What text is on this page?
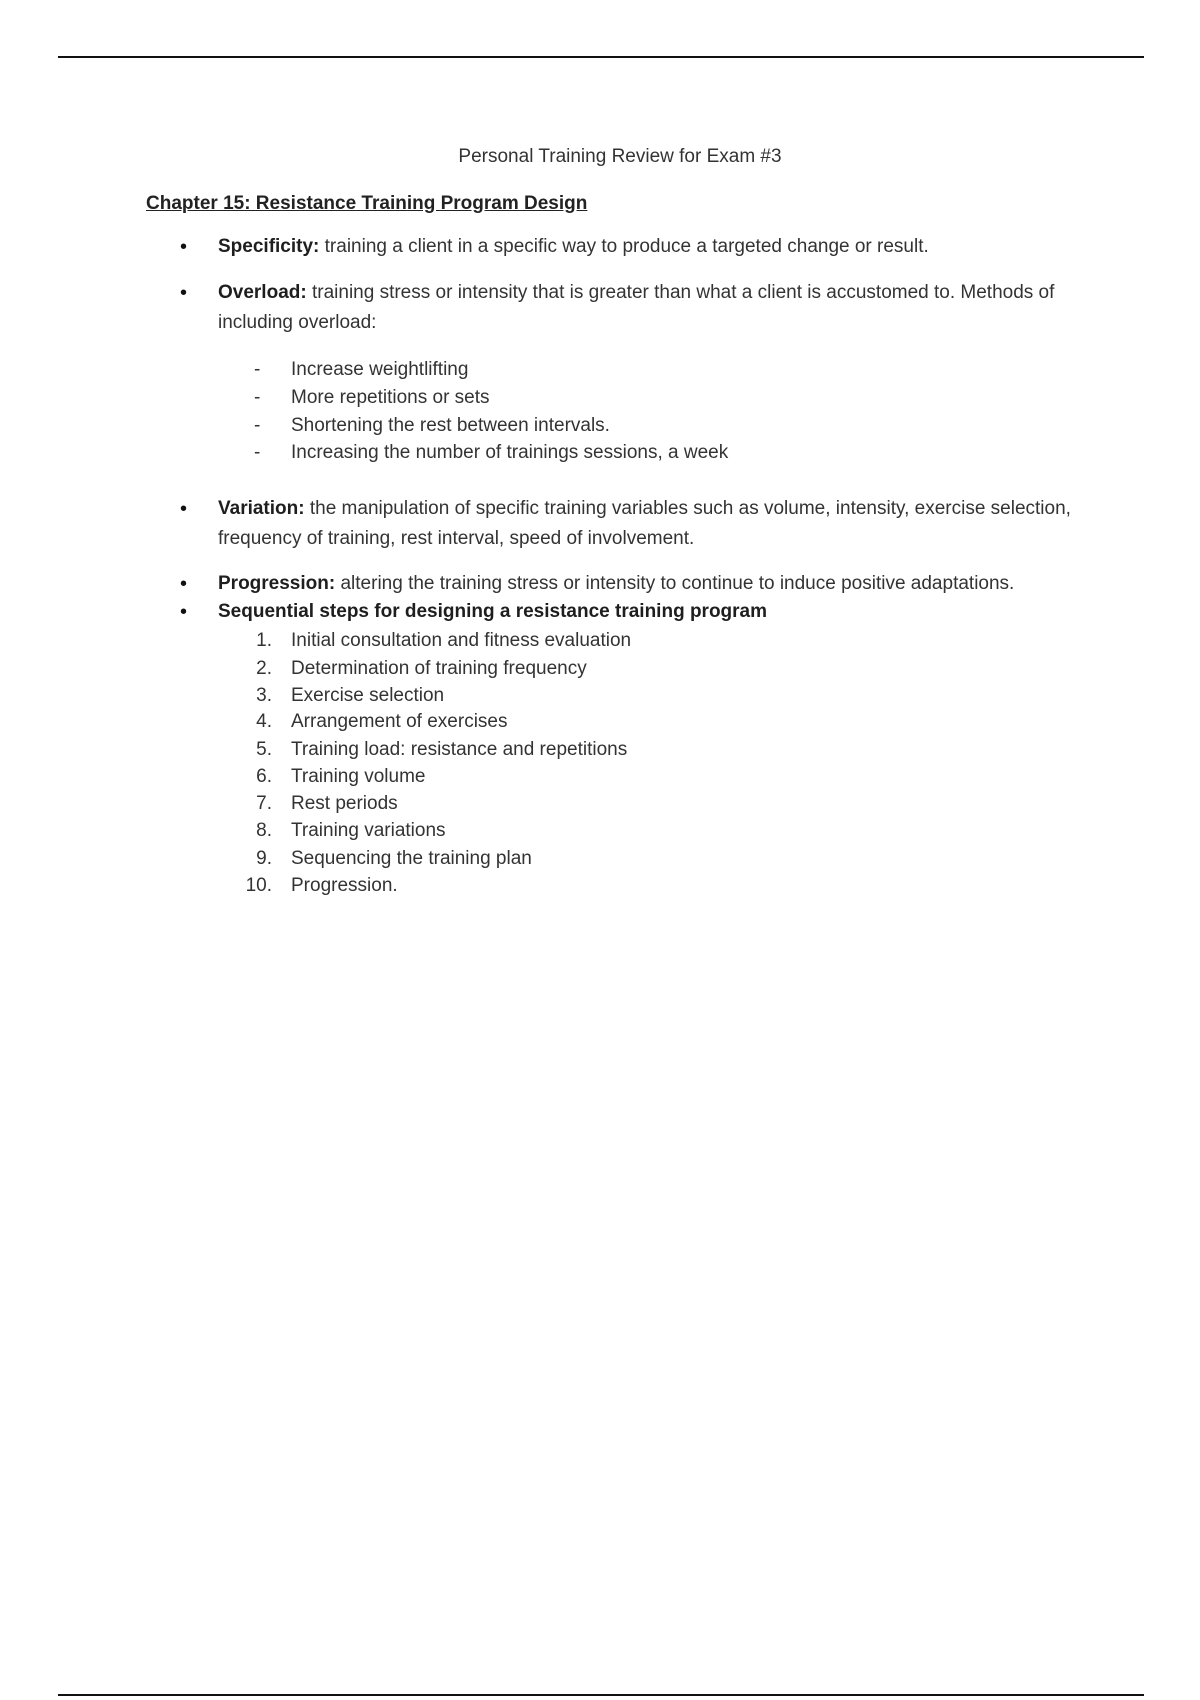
Personal Training Review for Exam #3
Chapter 15: Resistance Training Program Design
• Specificity: training a client in a specific way to produce a targeted change or result.
• Overload: training stress or intensity that is greater than what a client is accustomed to. Methods of including overload:
- Increase weightlifting
- More repetitions or sets
- Shortening the rest between intervals.
- Increasing the number of trainings sessions, a week
• Variation: the manipulation of specific training variables such as volume, intensity, exercise selection, frequency of training, rest interval, speed of involvement.
• Progression: altering the training stress or intensity to continue to induce positive adaptations.
• Sequential steps for designing a resistance training program
1. Initial consultation and fitness evaluation
2. Determination of training frequency
3. Exercise selection
4. Arrangement of exercises
5. Training load: resistance and repetitions
6. Training volume
7. Rest periods
8. Training variations
9. Sequencing the training plan
10. Progression.
